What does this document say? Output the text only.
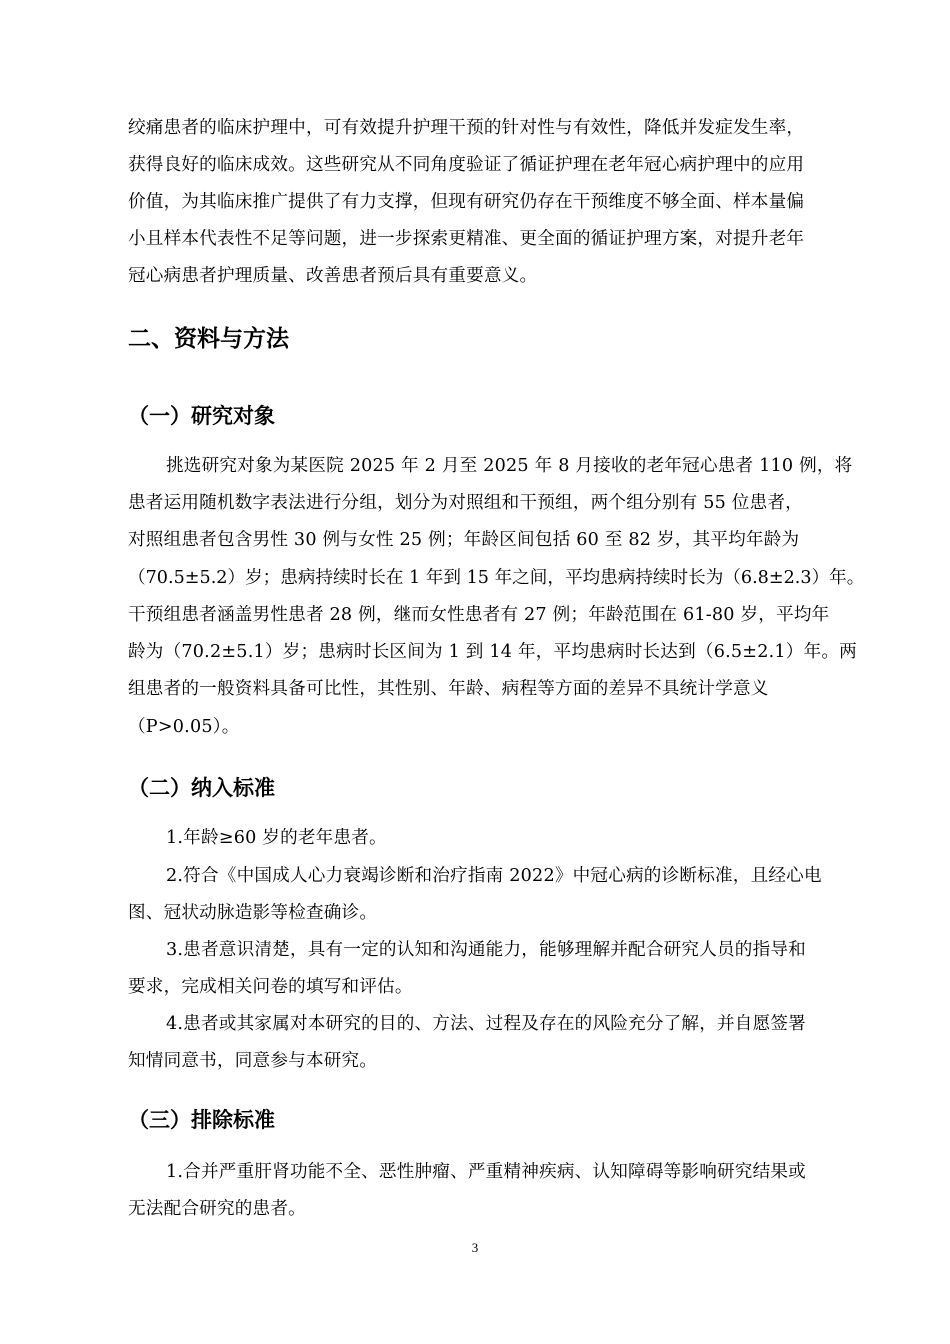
绞痛患者的临床护理中，可有效提升护理干预的针对性与有效性，降低并发症发生率，
获得良好的临床成效。这些研究从不同角度验证了循证护理在老年冠心病护理中的应用
价值，为其临床推广提供了有力支撑，但现有研究仍存在干预维度不够全面、样本量偏
小且样本代表性不足等问题，进一步探索更精准、更全面的循证护理方案，对提升老年
冠心病患者护理质量、改善患者预后具有重要意义。
二、资料与方法
（一）研究对象
挑选研究对象为某医院 2025 年 2 月至 2025 年 8 月接收的老年冠心患者 110 例，将
患者运用随机数字表法进行分组，划分为对照组和干预组，两个组分别有 55 位患者，
对照组患者包含男性 30 例与女性 25 例；年龄区间包括 60 至 82 岁，其平均年龄为
（70.5±5.2）岁；患病持续时长在 1 年到 15 年之间，平均患病持续时长为（6.8±2.3）年。
干预组患者涵盖男性患者 28 例，继而女性患者有 27 例；年龄范围在 61-80 岁，平均年
龄为（70.2±5.1）岁；患病时长区间为 1 到 14 年，平均患病时长达到（6.5±2.1）年。两
组患者的一般资料具备可比性，其性别、年龄、病程等方面的差异不具统计学意义
（P>0.05）。
（二）纳入标准
1.年龄≥60 岁的老年患者。
2.符合《中国成人心力衰竭诊断和治疗指南 2022》中冠心病的诊断标准，且经心电
图、冠状动脉造影等检查确诊。
3.患者意识清楚，具有一定的认知和沟通能力，能够理解并配合研究人员的指导和
要求，完成相关问卷的填写和评估。
4.患者或其家属对本研究的目的、方法、过程及存在的风险充分了解，并自愿签署
知情同意书，同意参与本研究。
（三）排除标准
1.合并严重肝肾功能不全、恶性肿瘤、严重精神疾病、认知障碍等影响研究结果或
无法配合研究的患者。
3
